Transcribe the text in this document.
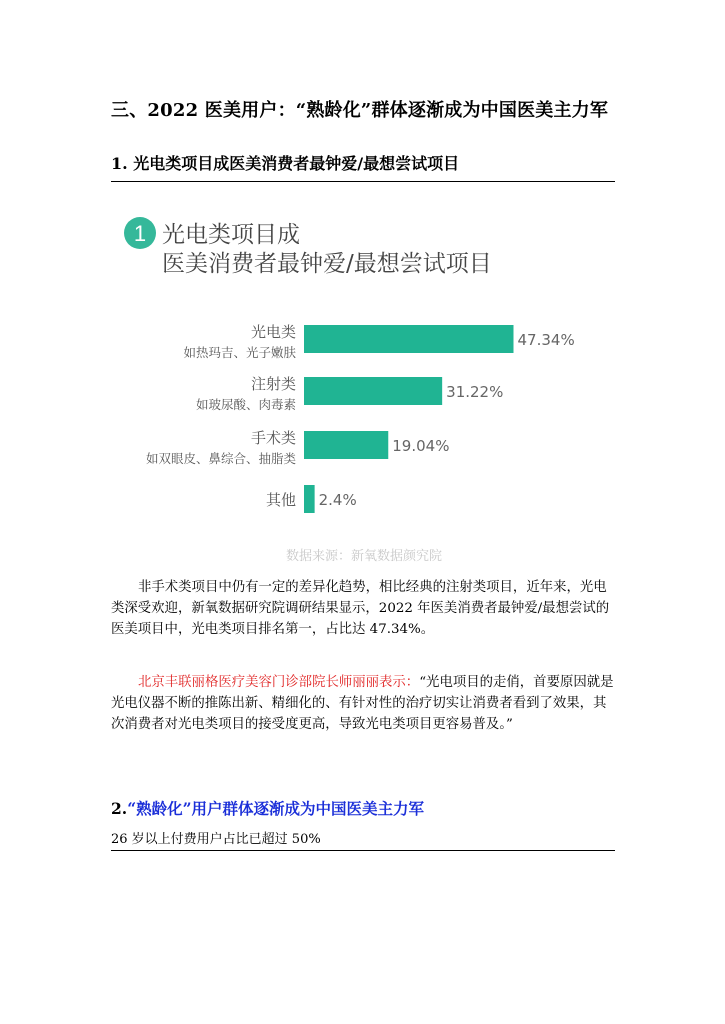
三、2022 医美用户：“熟龄化”群体逐渐成为中国医美主力军
1. 光电类项目成医美消费者最钟爱/最想尝试项目
1 光电类项目成
医美消费者最钟爱/最想尝试项目
光电类
如热玛吉、光子嫩肤
47.34%
注射类
如玻尿酸、肉毒素
31.22%
手术类
如双眼皮、鼻综合、抽脂类
19.04%
其他 2.4%
数据来源：新氧数据颜究院
非手术类项目中仍有一定的差异化趋势，相比经典的注射类项目，近年来，光电类深受欢迎，新氧数据研究院调研结果显示，2022 年医美消费者最钟爱/最想尝试的医美项目中，光电类项目排名第一，占比达 47.34%。
北京丰联丽格医疗美容门诊部院长师丽丽表示：“光电项目的走俏，首要原因就是光电仪器不断的推陈出新、精细化的、有针对性的治疗切实让消费者看到了效果，其次消费者对光电类项目的接受度更高，导致光电类项目更容易普及。”
2.“熟龄化”用户群体逐渐成为中国医美主力军
26 岁以上付费用户占比已超过 50%
